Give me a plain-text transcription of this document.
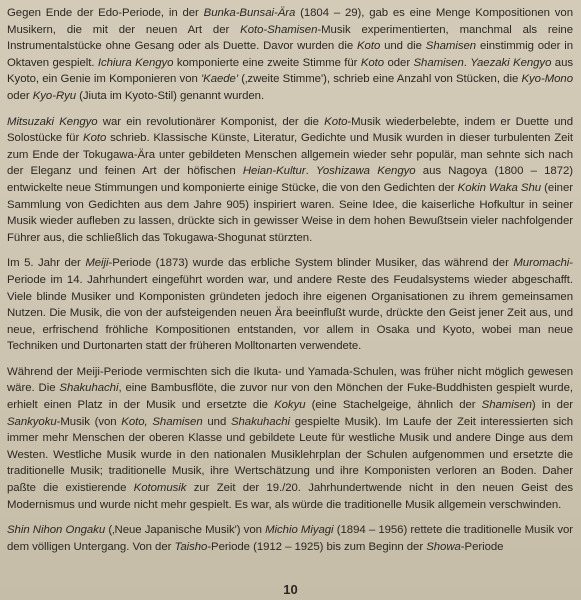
Gegen Ende der Edo-Periode, in der Bunka-Bunsai-Ära (1804 – 29), gab es eine Menge Kompositionen von Musikern, die mit der neuen Art der Koto-Shamisen-Musik experimentierten, manchmal als reine Instrumentalstücke ohne Gesang oder als Duette. Davor wurden die Koto und die Shamisen einstimmig oder in Oktaven gespielt. Ichiura Kengyo komponierte eine zweite Stimme für Koto oder Shamisen. Yaezaki Kengyo aus Kyoto, ein Genie im Komponieren von 'Kaede' (‚zweite Stimme'), schrieb eine Anzahl von Stücken, die Kyo-Mono oder Kyo-Ryu (Jiuta im Kyoto-Stil) genannt wurden.

Mitsuzaki Kengyo war ein revolutionärer Komponist, der die Koto-Musik wiederbelebte, indem er Duette und Solostücke für Koto schrieb. Klassische Künste, Literatur, Gedichte und Musik wurden in dieser turbulenten Zeit zum Ende der Tokugawa-Ära unter gebildeten Menschen allgemein wieder sehr populär, man sehnte sich nach der Eleganz und feinen Art der höfischen Heian-Kultur. Yoshizawa Kengyo aus Nagoya (1800 – 1872) entwickelte neue Stimmungen und komponierte einige Stücke, die von den Gedichten der Kokin Waka Shu (einer Sammlung von Gedichten aus dem Jahre 905) inspiriert waren. Seine Idee, die kaiserliche Hofkultur in seiner Musik wieder aufleben zu lassen, drückte sich in gewisser Weise in dem hohen Bewußtsein vieler nachfolgender Führer aus, die schließlich das Tokugawa-Shogunat stürzten.

Im 5. Jahr der Meiji-Periode (1873) wurde das erbliche System blinder Musiker, das während der Muromachi-Periode im 14. Jahrhundert eingeführt worden war, und andere Reste des Feudalsystems wieder abgeschafft. Viele blinde Musiker und Komponisten gründeten jedoch ihre eigenen Organisationen zu ihrem gemeinsamen Nutzen. Die Musik, die von der aufsteigenden neuen Ära beeinflußt wurde, drückte den Geist jener Zeit aus, und neue, erfrischend fröhliche Kompositionen entstanden, vor allem in Osaka und Kyoto, wobei man neue Techniken und Durtonarten statt der früheren Molltonarten verwendete.

Während der Meiji-Periode vermischten sich die Ikuta- und Yamada-Schulen, was früher nicht möglich gewesen wäre. Die Shakuhachi, eine Bambusflöte, die zuvor nur von den Mönchen der Fuke-Buddhisten gespielt wurde, erhielt einen Platz in der Musik und ersetzte die Kokyu (eine Stachelgeige, ähnlich der Shamisen) in der Sankyoku-Musik (von Koto, Shamisen und Shakuhachi gespielte Musik). Im Laufe der Zeit interessierten sich immer mehr Menschen der oberen Klasse und gebildete Leute für westliche Musik und andere Dinge aus dem Westen. Westliche Musik wurde in den nationalen Musiklehrplan der Schulen aufgenommen und ersetzte die traditionelle Musik; traditionelle Musik, ihre Wertschätzung und ihre Komponisten verloren an Boden. Daher paßte die existierende Kotomusik zur Zeit der 19./20. Jahrhundertwende nicht in den neuen Geist des Modernismus und wurde nicht mehr gespielt. Es war, als würde die traditionelle Musik allgemein verschwinden.

Shin Nihon Ongaku (‚Neue Japanische Musik') von Michio Miyagi (1894 – 1956) rettete die traditionelle Musik vor dem völligen Untergang. Von der Taisho-Periode (1912 – 1925) bis zum Beginn der Showa-Periode

10
